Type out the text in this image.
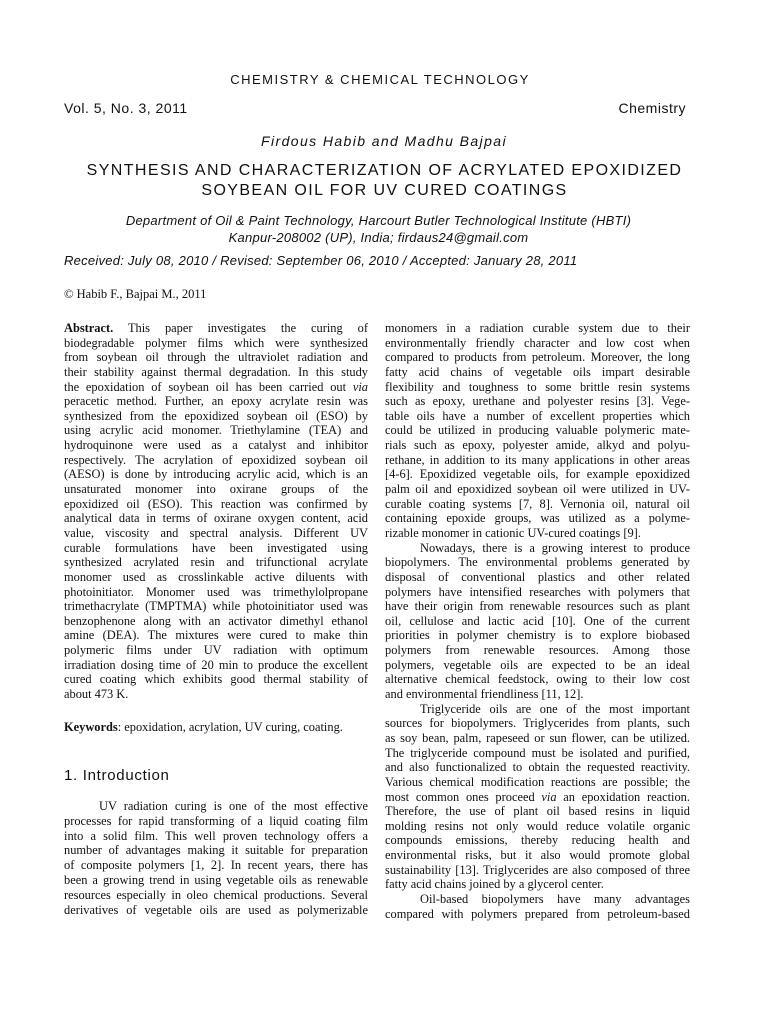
CHEMISTRY & CHEMICAL TECHNOLOGY
Vol. 5, No. 3, 2011	Chemistry
Firdous Habib and Madhu Bajpai
SYNTHESIS AND CHARACTERIZATION OF ACRYLATED EPOXIDIZED
SOYBEAN OIL FOR UV CURED COATINGS
Department of Oil & Paint Technology, Harcourt Butler Technological Institute (HBTI)
Kanpur-208002 (UP), India; firdaus24@gmail.com
Received: July 08, 2010 / Revised: September 06, 2010 / Accepted: January 28, 2011
© Habib F., Bajpai M., 2011
Abstract. This paper investigates the curing of
biodegradable polymer films which were synthesized
from soybean oil through the ultraviolet radiation and
their stability against thermal degradation. In this study
the epoxidation of soybean oil has been carried out via
peracetic method. Further, an epoxy acrylate resin was
synthesized from the epoxidized soybean oil (ESO) by
using acrylic acid monomer. Triethylamine (TEA) and
hydroquinone were used as a catalyst and inhibitor
respectively. The acrylation of epoxidized soybean oil
(AESO) is done by introducing acrylic acid, which is an
unsaturated monomer into oxirane groups of the
epoxidized oil (ESO). This reaction was confirmed by
analytical data in terms of oxirane oxygen content, acid
value, viscosity and spectral analysis. Different UV
curable formulations have been investigated using
synthesized acrylated resin and trifunctional acrylate
monomer used as crosslinkable active diluents with
photoinitiator. Monomer used was trimethylolpropane
trimethacrylate (TMPTMA) while photoinitiator used was
benzophenone along with an activator dimethyl ethanol
amine (DEA). The mixtures were cured to make thin
polymeric films under UV radiation with optimum
irradiation dosing time of 20 min to produce the excellent
cured coating which exhibits good thermal stability of
about 473 K.
Keywords: epoxidation, acrylation, UV curing, coating.
1. Introduction
UV radiation curing is one of the most effective
processes for rapid transforming of a liquid coating film
into a solid film. This well proven technology offers a
number of advantages making it suitable for preparation
of composite polymers [1, 2]. In recent years, there has
been a growing trend in using vegetable oils as renewable
resources especially in oleo chemical productions. Several
derivatives of vegetable oils are used as polymerizable
monomers in a radiation curable system due to their
environmentally friendly character and low cost when
compared to products from petroleum. Moreover, the long
fatty acid chains of vegetable oils impart desirable
flexibility and toughness to some brittle resin systems
such as epoxy, urethane and polyester resins [3]. Vege-
table oils have a number of excellent properties which
could be utilized in producing valuable polymeric mate-
rials such as epoxy, polyester amide, alkyd and polyu-
rethane, in addition to its many applications in other areas
[4-6]. Epoxidized vegetable oils, for example epoxidized
palm oil and epoxidized soybean oil were utilized in UV-
curable coating systems [7, 8]. Vernonia oil, natural oil
containing epoxide groups, was utilized as a polyme-
rizable monomer in cationic UV-cured coatings [9].
Nowadays, there is a growing interest to produce
biopolymers. The environmental problems generated by
disposal of conventional plastics and other related
polymers have intensified researches with polymers that
have their origin from renewable resources such as plant
oil, cellulose and lactic acid [10]. One of the current
priorities in polymer chemistry is to explore biobased
polymers from renewable resources. Among those
polymers, vegetable oils are expected to be an ideal
alternative chemical feedstock, owing to their low cost
and environmental friendliness [11, 12].
Triglyceride oils are one of the most important
sources for biopolymers. Triglycerides from plants, such
as soy bean, palm, rapeseed or sun flower, can be utilized.
The triglyceride compound must be isolated and purified,
and also functionalized to obtain the requested reactivity.
Various chemical modification reactions are possible; the
most common ones proceed via an epoxidation reaction.
Therefore, the use of plant oil based resins in liquid
molding resins not only would reduce volatile organic
compounds emissions, thereby reducing health and
environmental risks, but it also would promote global
sustainability [13]. Triglycerides are also composed of three
fatty acid chains joined by a glycerol center.
Oil-based biopolymers have many advantages
compared with polymers prepared from petroleum-based
